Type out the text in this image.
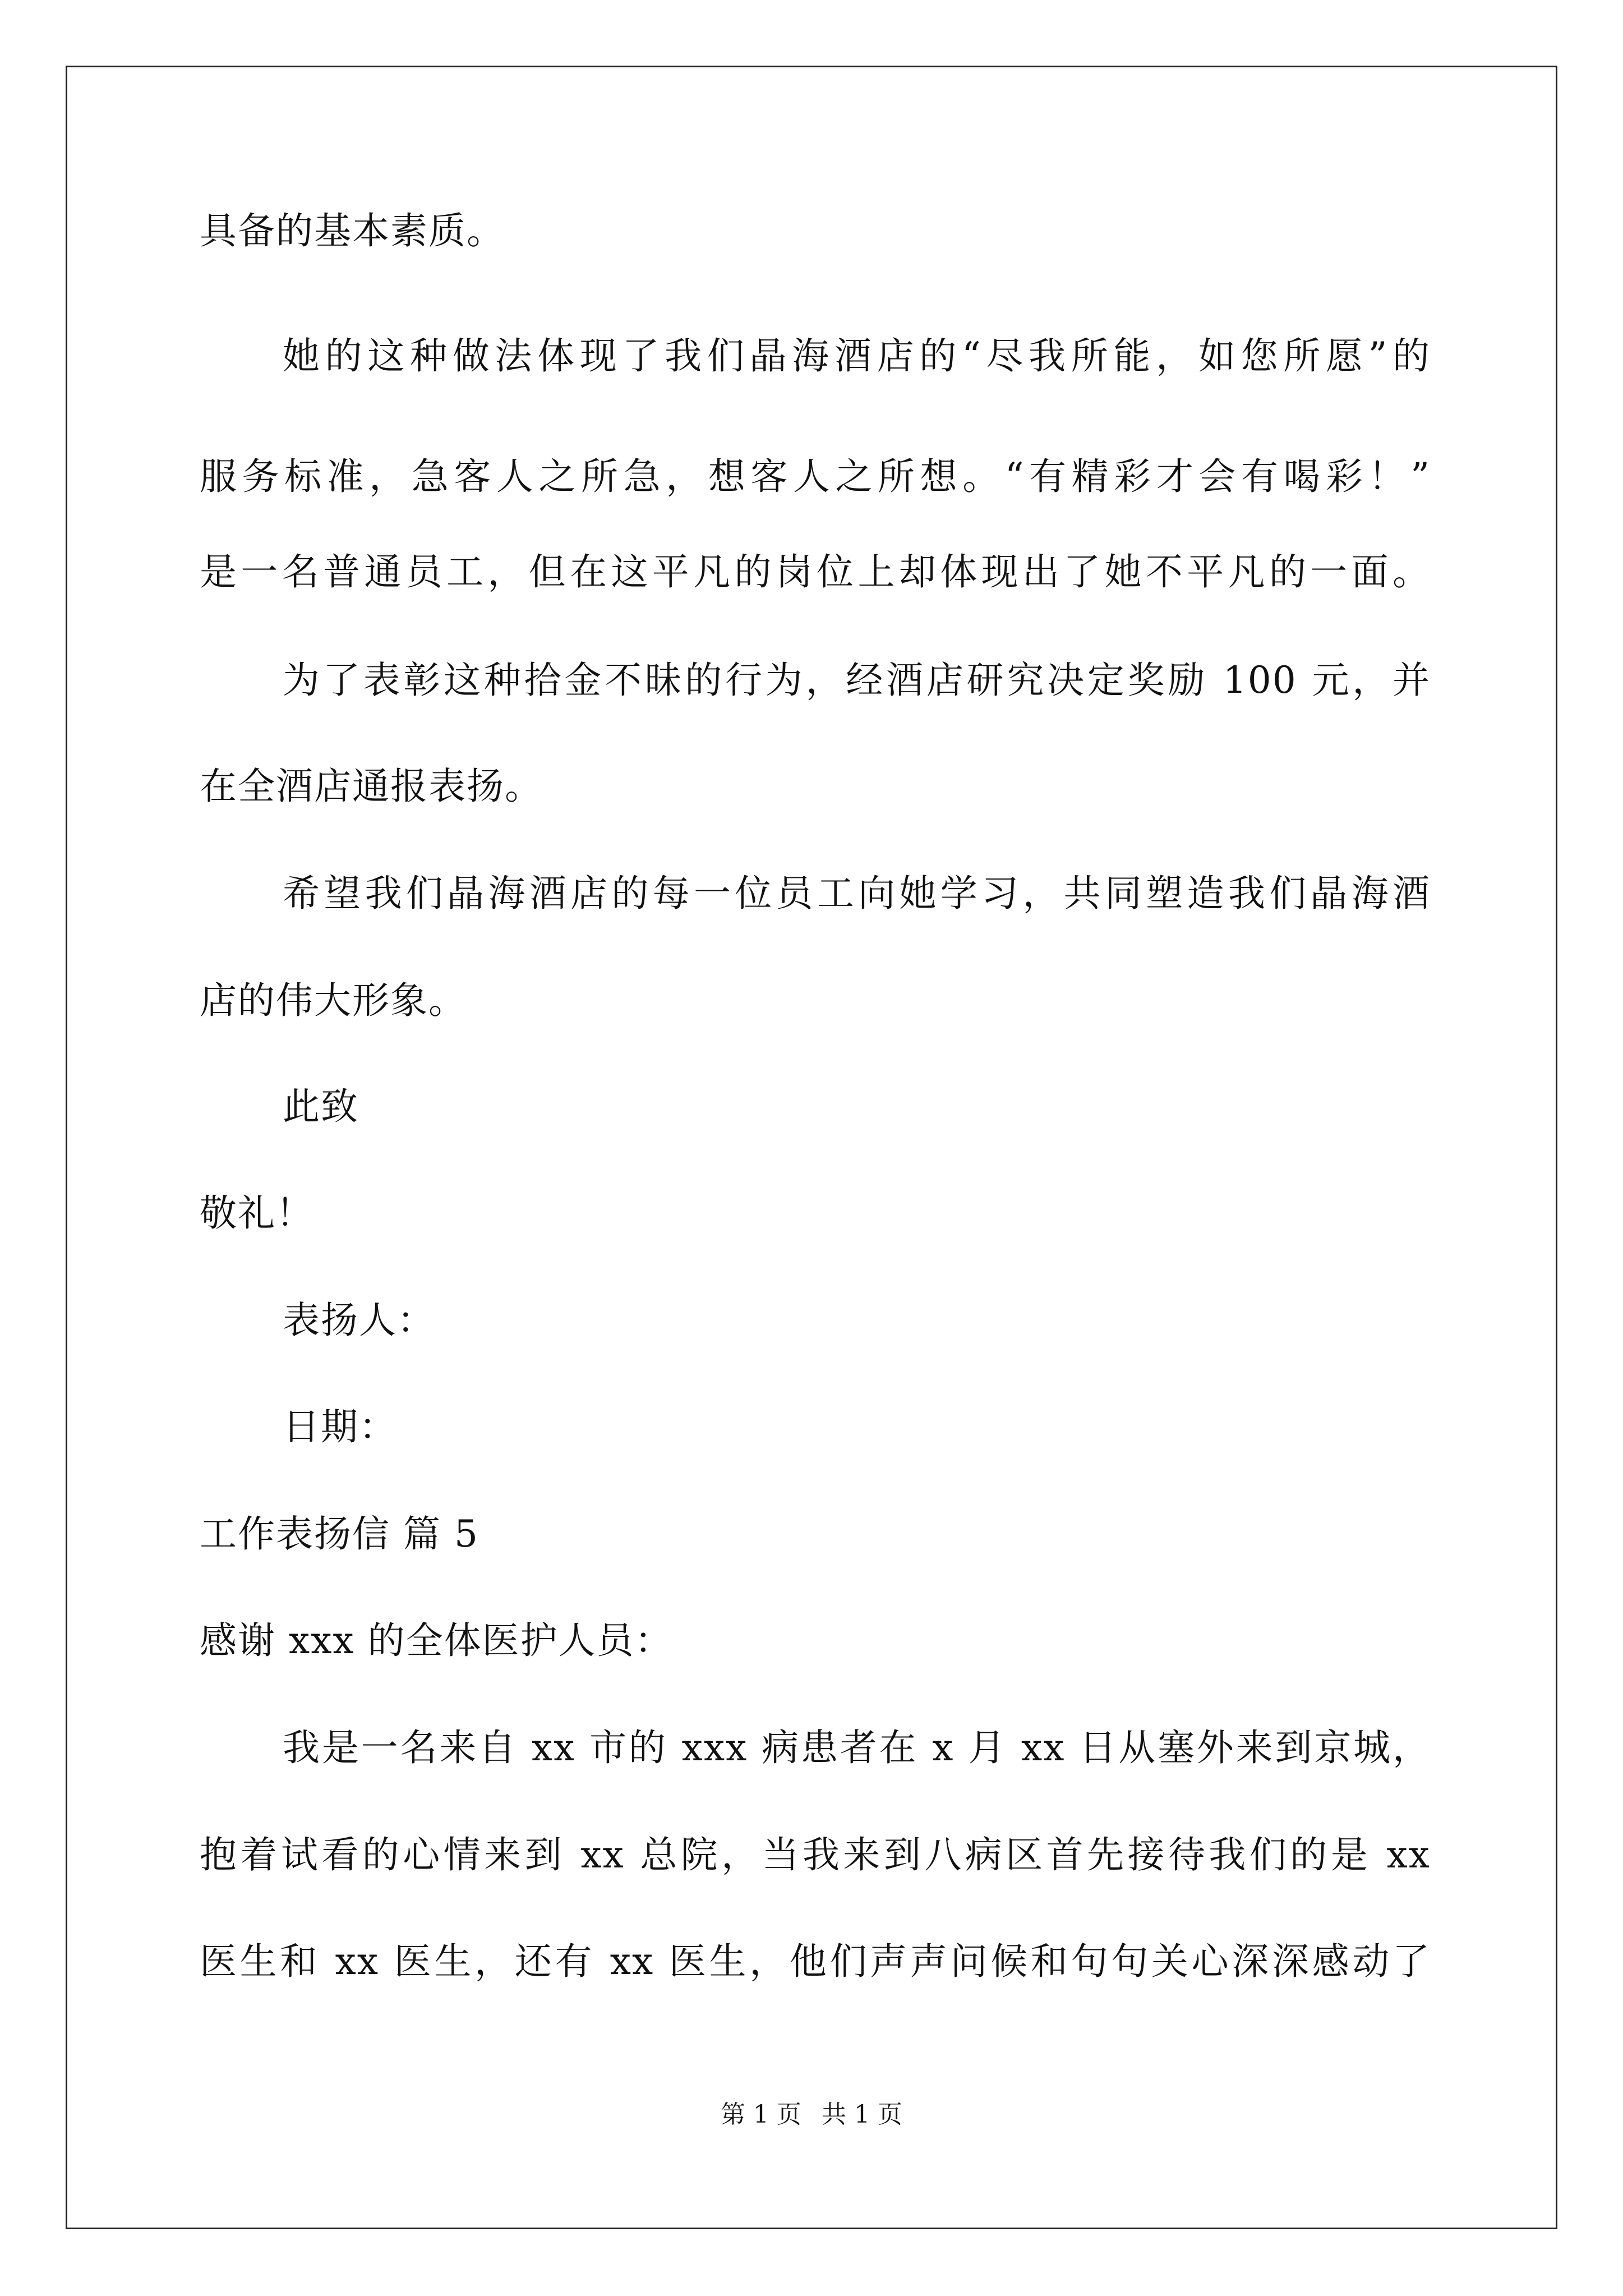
具备的基本素质。
她的这种做法体现了我们晶海酒店的“尽我所能，如您所愿”的
服务标准，急客人之所急，想客人之所想。“有精彩才会有喝彩！”
是一名普通员工，但在这平凡的岗位上却体现出了她不平凡的一面。
为了表彰这种拾金不昧的行为，经酒店研究决定奖励 100 元，并
在全酒店通报表扬。
希望我们晶海酒店的每一位员工向她学习，共同塑造我们晶海酒
店的伟大形象。
此致
敬礼！
表扬人：
日期：
工作表扬信 篇 5
感谢 xxx 的全体医护人员：
我是一名来自 xx 市的 xxx 病患者在 x 月 xx 日从塞外来到京城，
抱着试看的心情来到 xx 总院，当我来到八病区首先接待我们的是 xx
医生和 xx 医生，还有 xx 医生，他们声声问候和句句关心深深感动了
第 1 页 共 1 页
